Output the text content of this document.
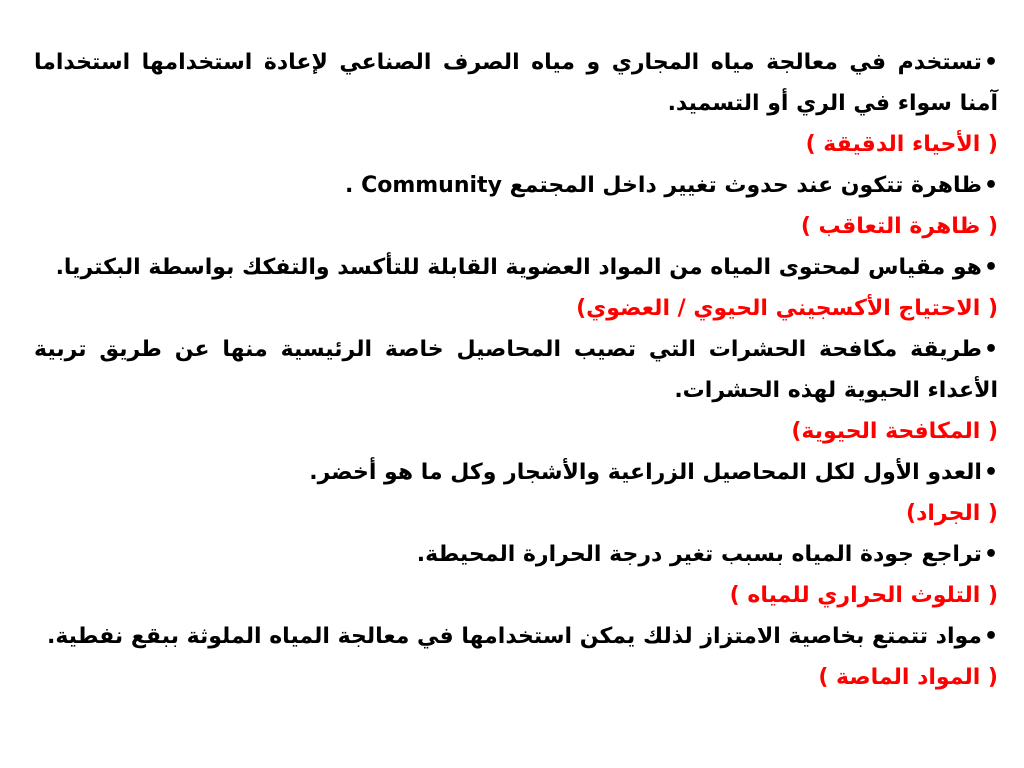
•تستخدم في معالجة مياه المجاري و مياه الصرف الصناعي لإعادة استخدامها استخداما آمنا سواء في الري أو التسميد.

( الأحياء الدقيقة )

•ظاهرة تتكون عند حدوث تغيير داخل المجتمع Community .

( ظاهرة التعاقب )

•هو مقياس لمحتوى المياه من المواد العضوية القابلة للتأكسد والتفكك بواسطة البكتريا.

( الاحتياج الأكسجيني الحيوي / العضوي)

•طريقة مكافحة الحشرات التي تصيب المحاصيل خاصة الرئيسية منها عن طريق تربية الأعداء الحيوية لهذه الحشرات.

( المكافحة الحيوية)

•العدو الأول لكل المحاصيل الزراعية والأشجار وكل ما هو أخضر.

( الجراد)

•تراجع جودة المياه بسبب تغير درجة الحرارة المحيطة.

( التلوث الحراري للمياه )

•مواد تتمتع بخاصية الامتزاز لذلك يمكن استخدامها في معالجة المياه الملوثة ببقع نفطية.

( المواد الماصة )
